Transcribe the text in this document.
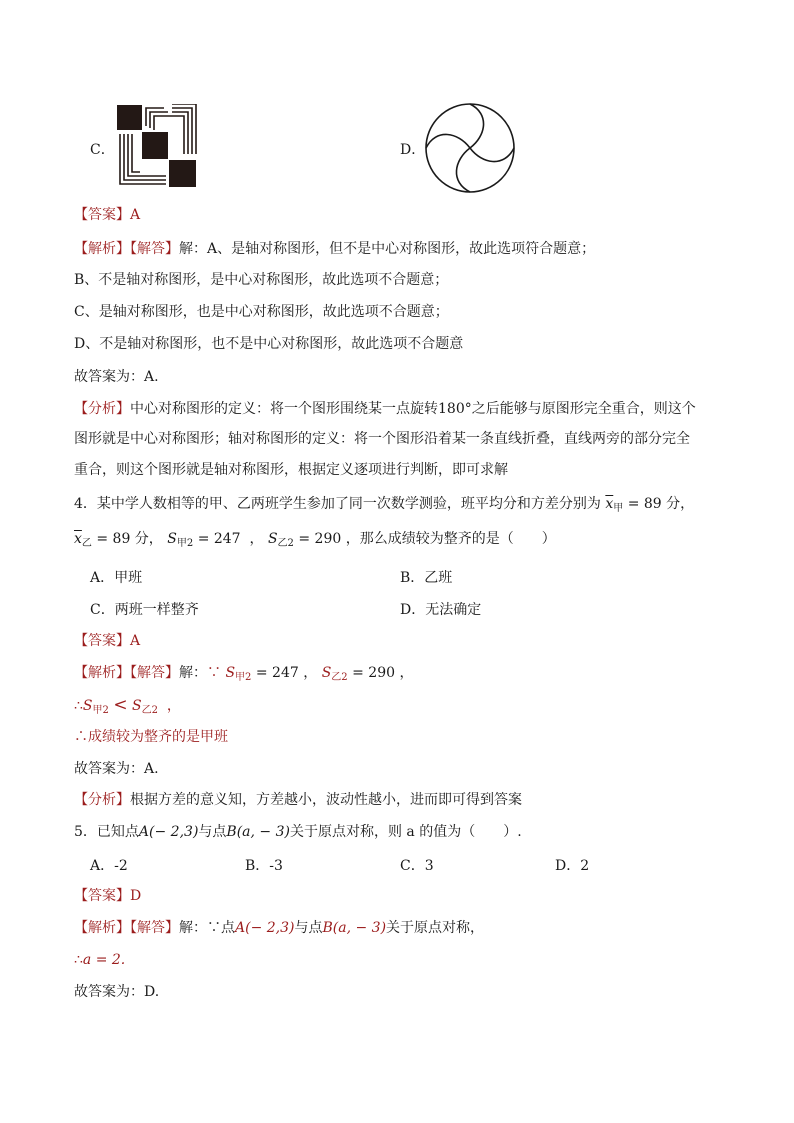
C．	D．
【答案】A
【解析】【解答】解：A、是轴对称图形，但不是中心对称图形，故此选项符合题意；
B、不是轴对称图形，是中心对称图形，故此选项不合题意；
C、是轴对称图形，也是中心对称图形，故此选项不合题意；
D、不是轴对称图形，也不是中心对称图形，故此选项不合题意
故答案为：A.
【分析】中心对称图形的定义：将一个图形围绕某一点旋转180°之后能够与原图形完全重合，则这个
图形就是中心对称图形；轴对称图形的定义：将一个图形沿着某一条直线折叠，直线两旁的部分完全
重合，则这个图形就是轴对称图形，根据定义逐项进行判断，即可求解
4．某中学人数相等的甲、乙两班学生参加了同一次数学测验，班平均分和方差分别为 $\overline{x}_甲 = 89$ 分，
$\overline{x}_乙 = 89$ 分， $S_{甲2} = 247$  ， $S_{乙2} = 290$ ，那么成绩较为整齐的是（　　）
A．甲班	B．乙班
C．两班一样整齐	D．无法确定
【答案】A
【解析】【解答】解：∵ $S_{甲2} = 247$ ， $S_{乙2} = 290$ ，
$\therefore S_{甲2} < S_{乙2}$ ，
∴成绩较为整齐的是甲班
故答案为：A.
【分析】根据方差的意义知，方差越小，波动性越小，进而即可得到答案
5．已知点A(− 2,3)与点B(a, − 3)关于原点对称，则 a 的值为（　　）.
A．-2	B．-3	C．3	D．2
【答案】D
【解析】【解答】解：∵点A(− 2,3)与点B(a, − 3)关于原点对称，
∴a = 2.
故答案为：D.
